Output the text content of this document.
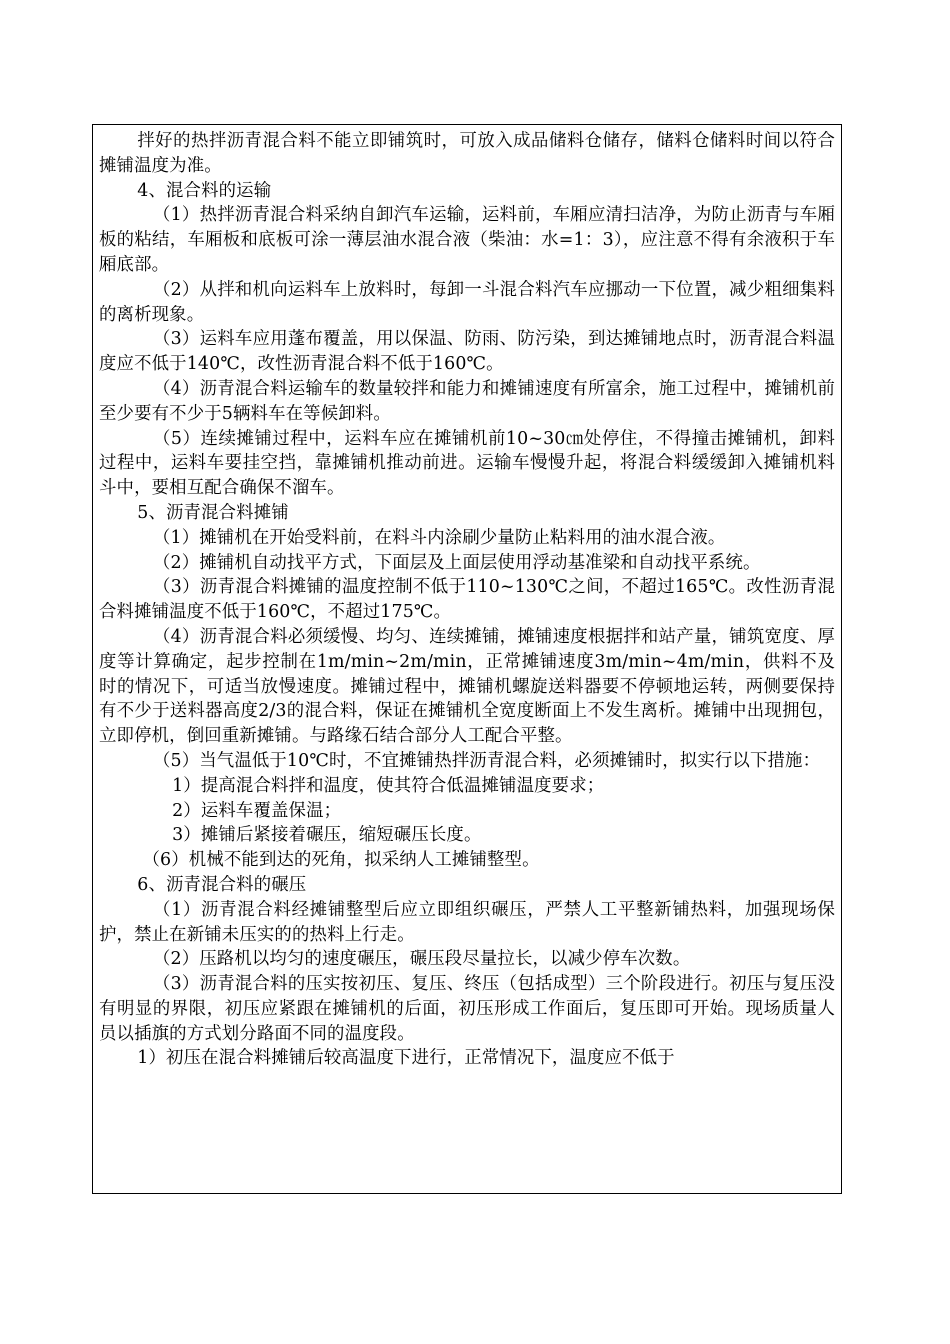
拌好的热拌沥青混合料不能立即铺筑时，可放入成品储料仓储存，储料仓储料时间以符合摊铺温度为准。

4、混合料的运输

（1）热拌沥青混合料采纳自卸汽车运输，运料前，车厢应清扫洁净，为防止沥青与车厢板的粘结，车厢板和底板可涂一薄层油水混合液（柴油：水=1：3），应注意不得有余液积于车厢底部。

（2）从拌和机向运料车上放料时，每卸一斗混合料汽车应挪动一下位置，减少粗细集料的离析现象。

（3）运料车应用蓬布覆盖，用以保温、防雨、防污染，到达摊铺地点时，沥青混合料温度应不低于140℃，改性沥青混合料不低于160℃。

（4）沥青混合料运输车的数量较拌和能力和摊铺速度有所富余，施工过程中，摊铺机前至少要有不少于5辆料车在等候卸料。

（5）连续摊铺过程中，运料车应在摊铺机前10~30㎝处停住，不得撞击摊铺机，卸料过程中，运料车要挂空挡，靠摊铺机推动前进。运输车慢慢升起，将混合料缓缓卸入摊铺机料斗中，要相互配合确保不溜车。

5、沥青混合料摊铺

（1）摊铺机在开始受料前，在料斗内涂刷少量防止粘料用的油水混合液。

（2）摊铺机自动找平方式，下面层及上面层使用浮动基准梁和自动找平系统。

（3）沥青混合料摊铺的温度控制不低于110~130℃之间，不超过165℃。改性沥青混合料摊铺温度不低于160℃，不超过175℃。

（4）沥青混合料必须缓慢、均匀、连续摊铺，摊铺速度根据拌和站产量，铺筑宽度、厚度等计算确定，起步控制在1m/min~2m/min，正常摊铺速度3m/min~4m/min，供料不及时的情况下，可适当放慢速度。摊铺过程中，摊铺机螺旋送料器要不停顿地运转，两侧要保持有不少于送料器高度2/3的混合料，保证在摊铺机全宽度断面上不发生离析。摊铺中出现拥包，立即停机，倒回重新摊铺。与路缘石结合部分人工配合平整。

（5）当气温低于10℃时，不宜摊铺热拌沥青混合料，必须摊铺时，拟实行以下措施：

1）提高混合料拌和温度，使其符合低温摊铺温度要求；

2）运料车覆盖保温；

3）摊铺后紧接着碾压，缩短碾压长度。

（6）机械不能到达的死角，拟采纳人工摊铺整型。

6、沥青混合料的碾压

（1）沥青混合料经摊铺整型后应立即组织碾压，严禁人工平整新铺热料，加强现场保护，禁止在新铺未压实的的热料上行走。

（2）压路机以均匀的速度碾压，碾压段尽量拉长，以减少停车次数。

（3）沥青混合料的压实按初压、复压、终压（包括成型）三个阶段进行。初压与复压没有明显的界限，初压应紧跟在摊铺机的后面，初压形成工作面后，复压即可开始。现场质量人员以插旗的方式划分路面不同的温度段。

1）初压在混合料摊铺后较高温度下进行，正常情况下，温度应不低于
